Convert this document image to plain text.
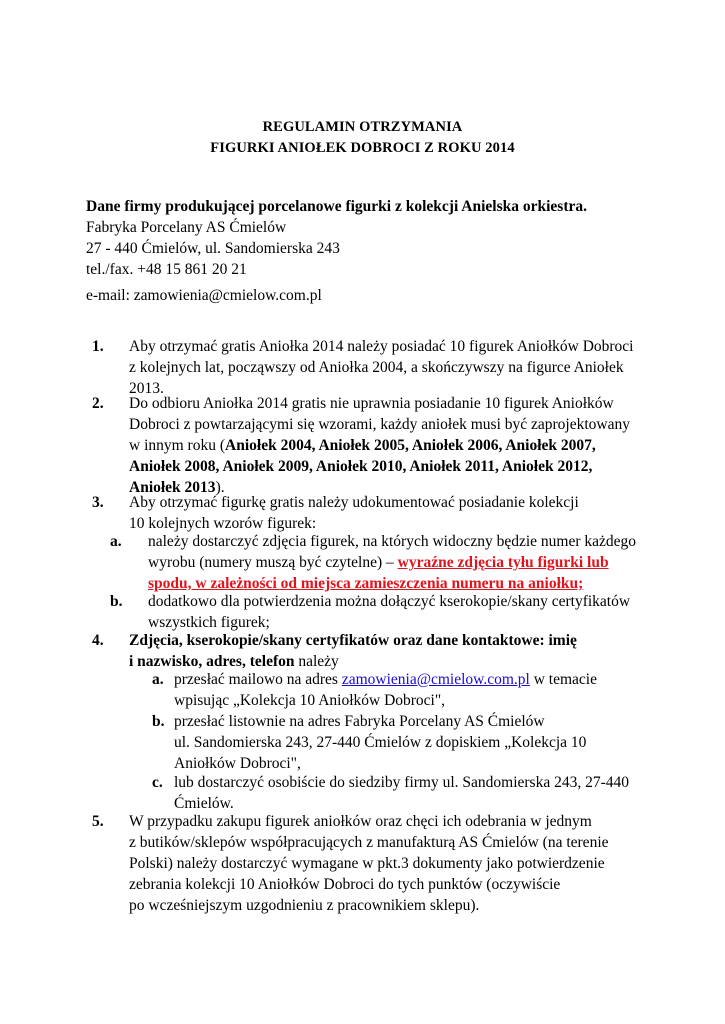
REGULAMIN OTRZYMANIA
FIGURKI ANIOŁEK DOBROCI Z ROKU 2014
Dane firmy produkującej porcelanowe figurki z kolekcji Anielska orkiestra.
Fabryka Porcelany AS Ćmielów
27 - 440 Ćmielów, ul. Sandomierska 243
tel./fax. +48 15 861 20 21
e-mail: zamowienia@cmielow.com.pl
1. Aby otrzymać gratis Aniołka 2014 należy posiadać 10 figurek Aniołków Dobroci
z kolejnych lat, począwszy od Aniołka 2004, a skończywszy na figurce Aniołek
2013.
2. Do odbioru Aniołka 2014 gratis nie uprawnia posiadanie 10 figurek Aniołków
Dobroci z powtarzającymi się wzorami, każdy aniołek musi być zaprojektowany
w innym roku (Aniołek 2004, Aniołek 2005, Aniołek 2006, Aniołek 2007,
Aniołek 2008, Aniołek 2009, Aniołek 2010, Aniołek 2011, Aniołek 2012,
Aniołek 2013).
3. Aby otrzymać figurkę gratis należy udokumentować posiadanie kolekcji
10 kolejnych wzorów figurek:
a. należy dostarczyć zdjęcia figurek, na których widoczny będzie numer każdego
wyrobu (numery muszą być czytelne) – wyraźne zdjęcia tyłu figurki lub
spodu, w zależności od miejsca zamieszczenia numeru na aniołku;
b. dodatkowo dla potwierdzenia można dołączyć kserokopie/skany certyfikatów
wszystkich figurek;
4. Zdjęcia, kserokopie/skany certyfikatów oraz dane kontaktowe: imię
i nazwisko, adres, telefon należy
a. przesłać mailowo na adres zamowienia@cmielow.com.pl w temacie
wpisując „Kolekcja 10 Aniołków Dobroci",
b. przesłać listownie na adres Fabryka Porcelany AS Ćmielów
ul. Sandomierska 243, 27-440 Ćmielów z dopiskiem „Kolekcja 10
Aniołków Dobroci",
c. lub dostarczyć osobiście do siedziby firmy ul. Sandomierska 243, 27-440
Ćmielów.
5. W przypadku zakupu figurek aniołków oraz chęci ich odebrania w jednym
z butików/sklepów współpracujących z manufakturą AS Ćmielów (na terenie
Polski) należy dostarczyć wymagane w pkt.3 dokumenty jako potwierdzenie
zebrania kolekcji 10 Aniołków Dobroci do tych punktów (oczywiście
po wcześniejszym uzgodnieniu z pracownikiem sklepu).
